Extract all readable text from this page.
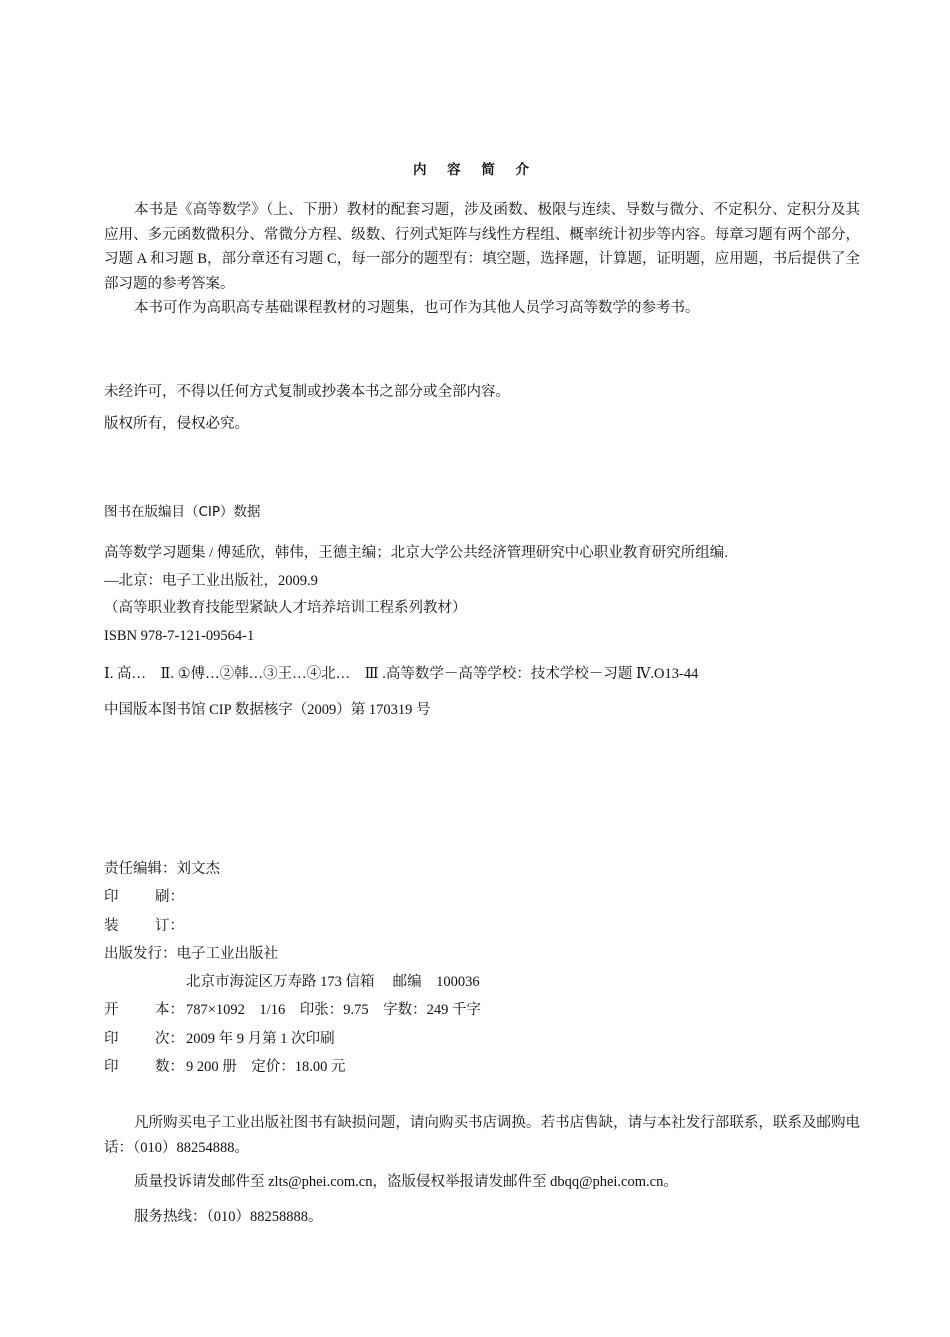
内 容 简 介

本书是《高等数学》（上、下册）教材的配套习题，涉及函数、极限与连续、导数与微分、不定积分、定积分及其应用、多元函数微积分、常微分方程、级数、行列式矩阵与线性方程组、概率统计初步等内容。每章习题有两个部分，习题 A 和习题 B，部分章还有习题 C，每一部分的题型有：填空题，选择题，计算题，证明题，应用题，书后提供了全部习题的参考答案。

本书可作为高职高专基础课程教材的习题集，也可作为其他人员学习高等数学的参考书。

未经许可，不得以任何方式复制或抄袭本书之部分或全部内容。

版权所有，侵权必究。

图书在版编目（CIP）数据

高等数学习题集 / 傅延欣，韩伟，王德主编；北京大学公共经济管理研究中心职业教育研究所组编.

—北京：电子工业出版社，2009.9

（高等职业教育技能型紧缺人才培养培训工程系列教材）

ISBN 978-7-121-09564-1

Ⅰ. 高…　Ⅱ. ①傅…②韩…③王…④北…　Ⅲ .高等数学－高等学校：技术学校－习题 Ⅳ.O13-44

中国版本图书馆 CIP 数据核字（2009）第 170319 号

责任编辑： 刘文杰
印	刷：
装	订：
出版发行： 电子工业出版社
北京市海淀区万寿路 173 信箱　 邮编　100036
开	本： 787×1092　1/16　印张：9.75　字数：249 千字
印	次： 2009 年 9 月第 1 次印刷
印	数： 9 200 册　定价：18.00 元

凡所购买电子工业出版社图书有缺损问题，请向购买书店调换。若书店售缺，请与本社发行部联系，联系及邮购电话：（010）88254888。

质量投诉请发邮件至 zlts@phei.com.cn，盗版侵权举报请发邮件至 dbqq@phei.com.cn。

服务热线：（010）88258888。
